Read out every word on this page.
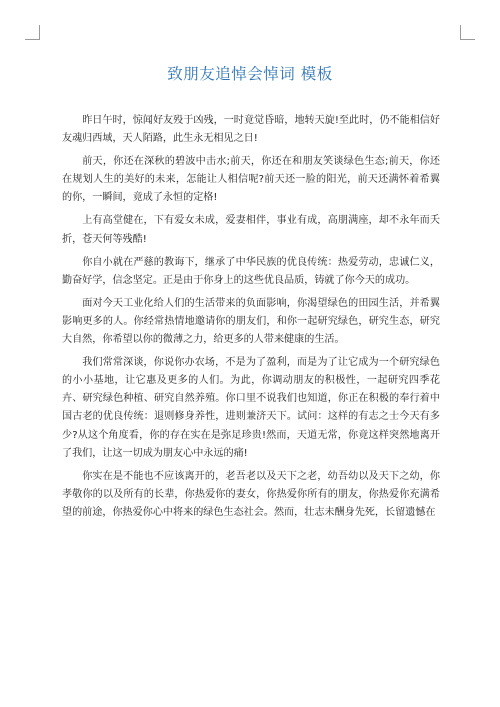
致朋友追悼会悼词 模板

昨日午时，惊闻好友殁于凶残，一时竟觉昏暗，地转天旋!至此时，仍不能相信好友魂归西域，天人陌路，此生永无相见之日!

前天，你还在深秋的碧波中击水;前天，你还在和朋友笑谈绿色生态;前天，你还在规划人生的美好的未来，怎能让人相信呢?前天还一脸的阳光，前天还满怀着希翼的你，一瞬间，竟成了永恒的定格!

上有高堂健在，下有爱女未成，爱妻相伴，事业有成，高朋满座，却不永年而夭折，苍天何等残酷!

你自小就在严慈的教诲下，继承了中华民族的优良传统：热爱劳动，忠诚仁义，勤奋好学，信念坚定。正是由于你身上的这些优良品质，铸就了你今天的成功。

面对今天工业化给人们的生活带来的负面影响，你渴望绿色的田园生活，并希翼影响更多的人。你经常热情地邀请你的朋友们，和你一起研究绿色，研究生态，研究大自然，你希望以你的微薄之力，给更多的人带来健康的生活。

我们常常深谈，你说你办农场，不是为了盈利，而是为了让它成为一个研究绿色的小小基地，让它惠及更多的人们。为此，你调动朋友的积极性，一起研究四季花卉、研究绿色种植、研究自然养殖。你口里不说我们也知道，你正在积极的奉行着中国古老的优良传统：退则修身养性，进则兼济天下。试问：这样的有志之士今天有多少?从这个角度看，你的存在实在是弥足珍贵!然而，天道无常，你竟这样突然地离开了我们，让这一切成为朋友心中永远的痛!

你实在是不能也不应该离开的，老吾老以及天下之老，幼吾幼以及天下之幼，你孝敬你的以及所有的长辈，你热爱你的妻女，你热爱你所有的朋友，你热爱你充满希望的前途，你热爱你心中将来的绿色生态社会。然而，壮志未酬身先死，长留遗憾在
